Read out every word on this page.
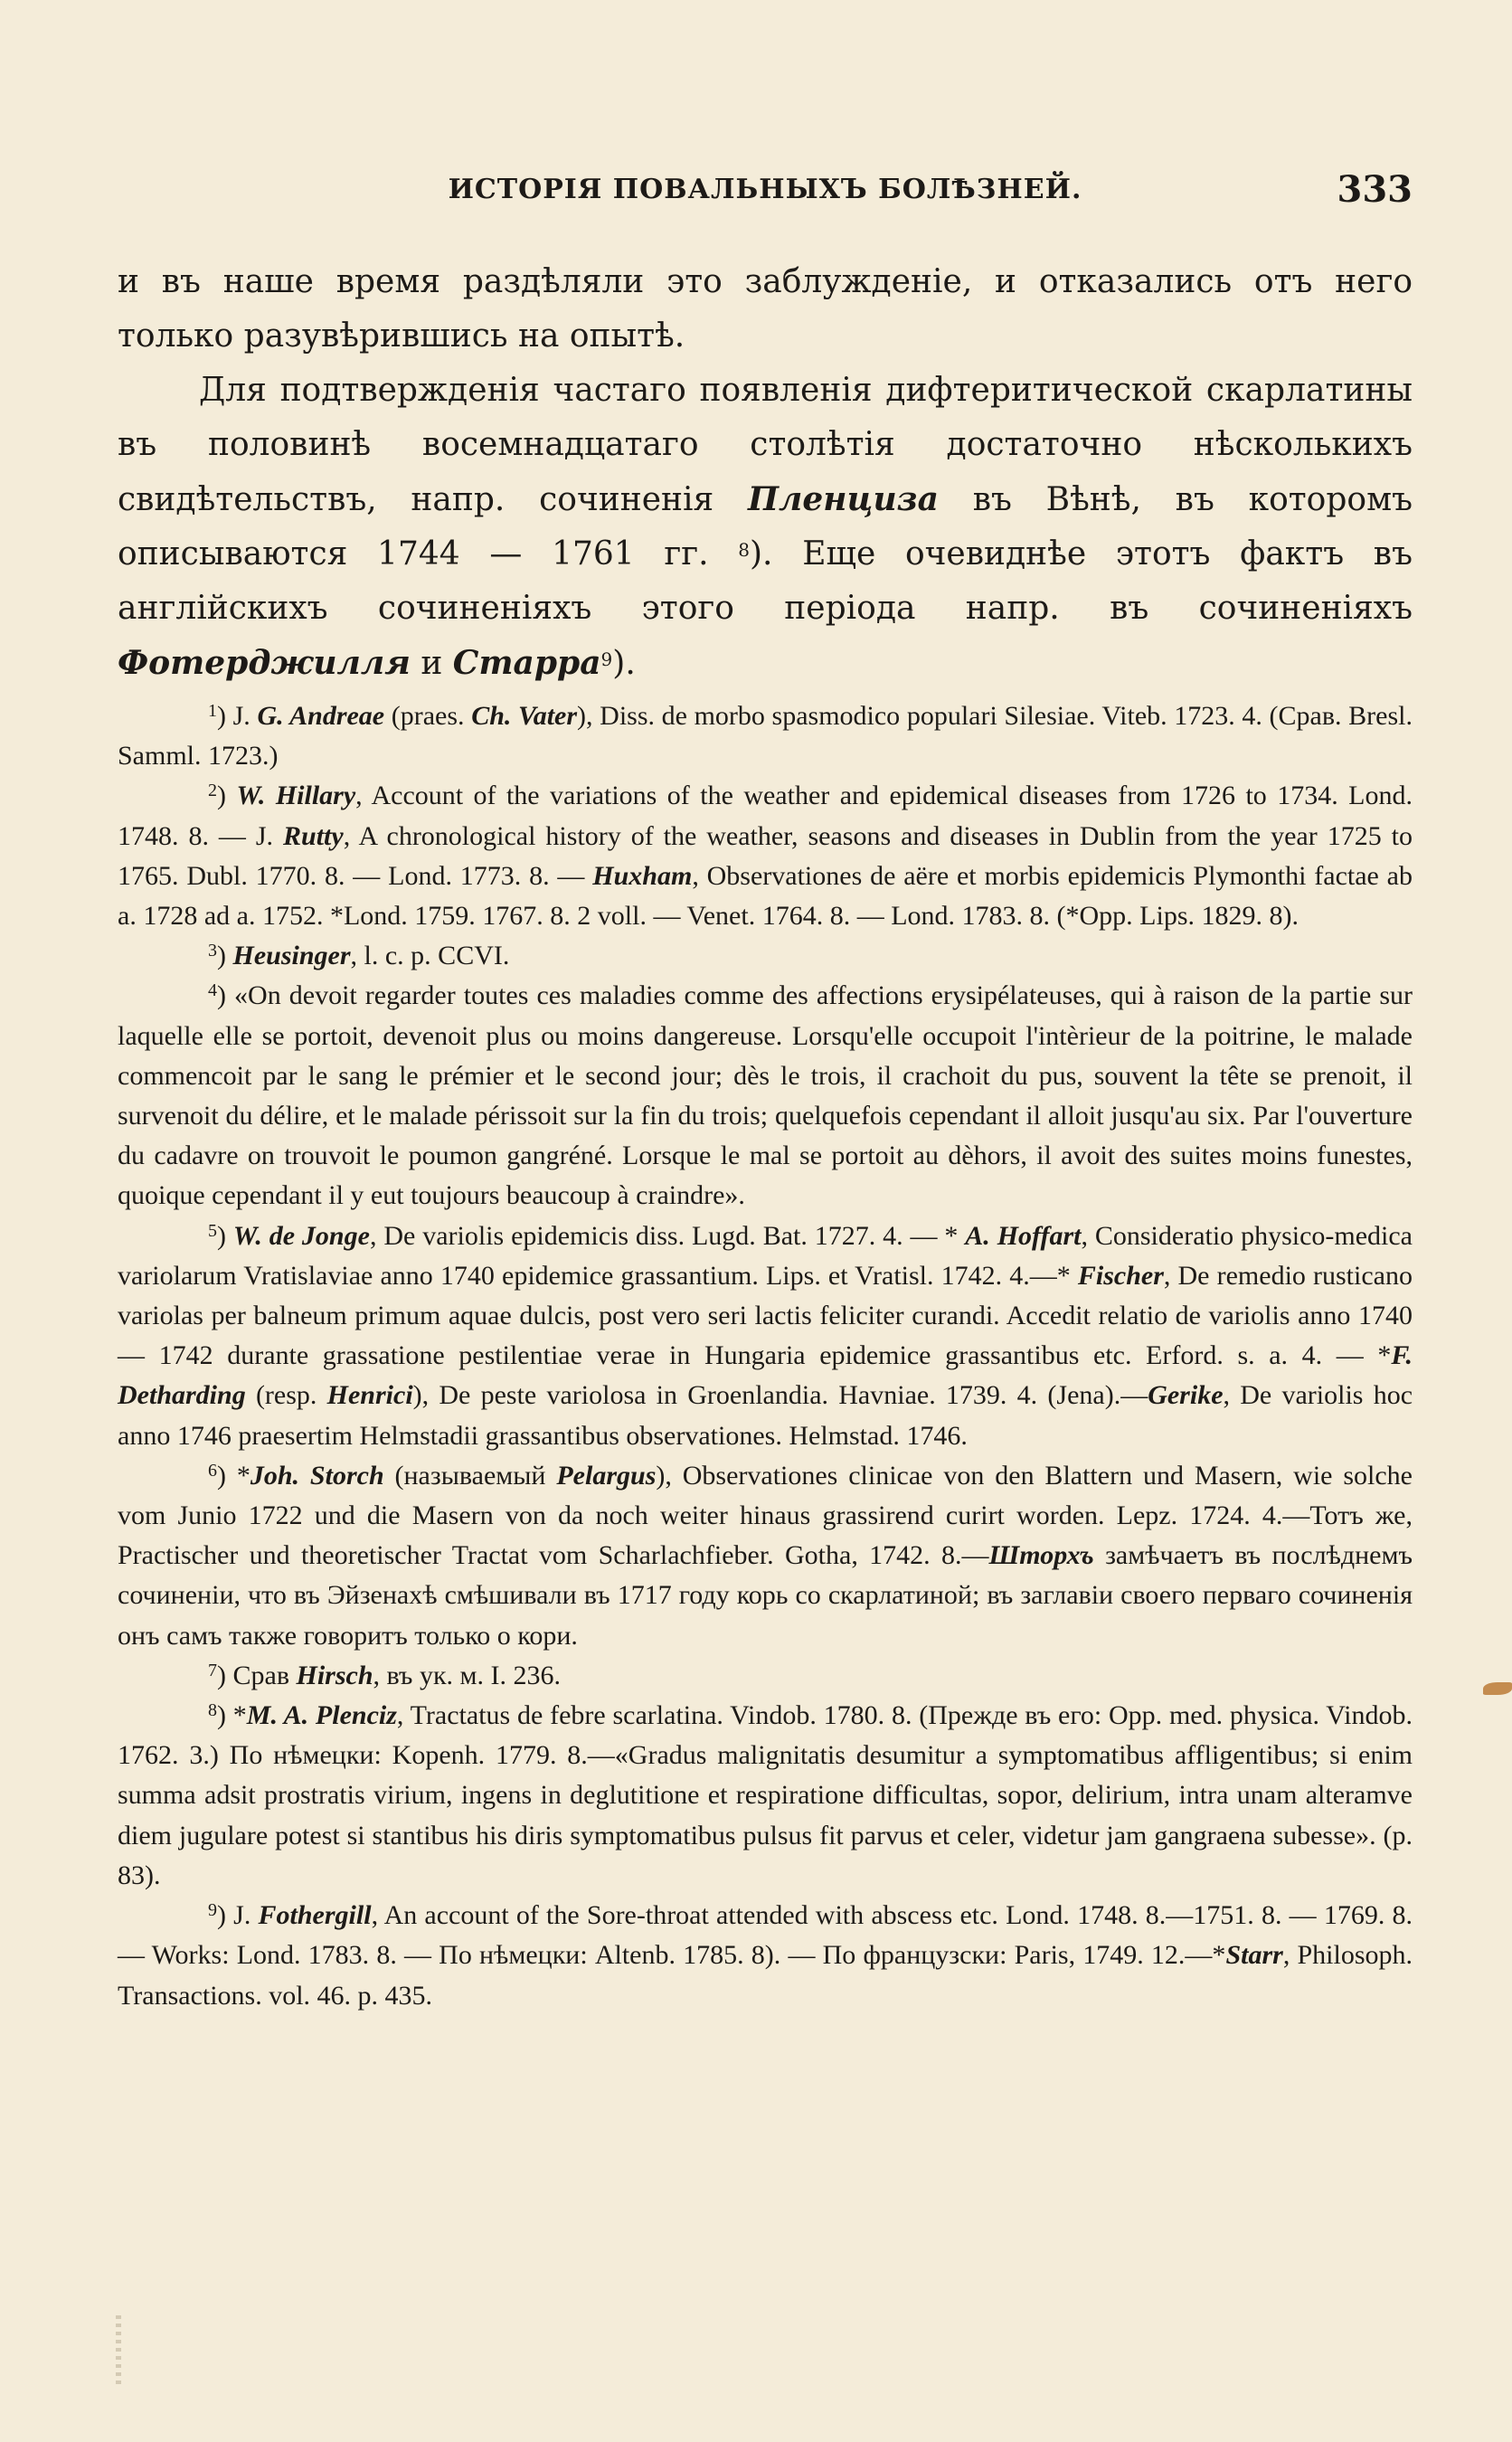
ИСТОРІЯ ПОВАЛЬНЫХЪ БОЛѢЗНЕЙ.	333

и въ наше время раздѣляли это заблужденіе, и отказались отъ него только разувѣрившись на опытѣ.

Для подтвержденія частаго появленія дифтеритической скарлатины въ половинѣ восемнадцатаго столѣтія достаточно нѣсколькихъ свидѣтельствъ, напр. сочиненія Пленциза въ Вѣнѣ, въ которомъ описываются 1744 — 1761 гг. $^8$). Еще очевиднѣе этотъ фактъ въ англійскихъ сочиненіяхъ этого періода напр. въ сочиненіяхъ Фотерджилля и Старра$^9$).

$^1$) J. G. Andreae (praes. Ch. Vater), Diss. de morbo spasmodico populari Silesiae. Viteb. 1723. 4. (Срав. Bresl. Samml. 1723.)

$^2$) W. Hillary, Account of the variations of the weather and epidemical diseases from 1726 to 1734. Lond. 1748. 8. — J. Rutty, A chronological history of the weather, seasons and diseases in Dublin from the year 1725 to 1765. Dubl. 1770. 8. — Lond. 1773. 8. — Huxham, Observationes de aëre et morbis epidemicis Plymonthi factae ab a. 1728 ad a. 1752. *Lond. 1759. 1767. 8. 2 voll. — Venet. 1764. 8. — Lond. 1783. 8. (*Opp. Lips. 1829. 8).

$^3$) Heusinger, l. c. p. CCVI.

$^4$) «On devoit regarder toutes ces maladies comme des affections erysipélateuses, qui à raison de la partie sur laquelle elle se portoit, devenoit plus ou moins dangereuse. Lorsqu'elle occupoit l'intèrieur de la poitrine, le malade commencoit par le sang le prémier et le second jour; dès le trois, il crachoit du pus, souvent la tête se prenoit, il survenoit du délire, et le malade périssoit sur la fin du trois; quelquefois cependant il alloit jusqu'au six. Par l'ouverture du cadavre on trouvoit le poumon gangréné. Lorsque le mal se portoit au dèhors, il avoit des suites moins funestes, quoique cependant il y eut toujours beaucoup à craindre».

$^5$) W. de Jonge, De variolis epidemicis diss. Lugd. Bat. 1727. 4. — * A. Hoffart, Consideratio physico-medica variolarum Vratislaviae anno 1740 epidemice grassantium. Lips. et Vratisl. 1742. 4.—* Fischer, De remedio rusticano variolas per balneum primum aquae dulcis, post vero seri lactis feliciter curandi. Accedit relatio de variolis anno 1740 — 1742 durante grassatione pestilentiae verae in Hungaria epidemice grassantibus etc. Erford. s. a. 4. — *F. Detharding (resp. Henrici), De peste variolosa in Groenlandia. Havniae. 1739. 4. (Jena).—Gerike, De variolis hoc anno 1746 praesertim Helmstadii grassantibus observationes. Helmstad. 1746.

$^6$) *Joh. Storch (называемый Pelargus), Observationes clinicae von den Blattern und Masern, wie solche vom Junio 1722 und die Masern von da noch weiter hinaus grassirend curirt worden. Lepz. 1724. 4.—Тотъ же, Practischer und theoretischer Tractat vom Scharlachfieber. Gotha, 1742. 8.—Шторхъ замѣчаетъ въ послѣднемъ сочиненіи, что въ Эйзенахѣ смѣшивали въ 1717 году корь со скарлатиной; въ заглавіи своего перваго сочиненія онъ самъ также говоритъ только о кори.

$^7$) Срав Hirsch, въ ук. м. I. 236.

$^8$) *M. A. Plenciz, Tractatus de febre scarlatina. Vindob. 1780. 8. (Прежде въ его: Opp. med. physica. Vindob. 1762. 3.) По нѣмецки: Kopenh. 1779. 8.—«Gradus malignitatis desumitur a symptomatibus affligentibus; si enim summa adsit prostratis virium, ingens in deglutitione et respiratione difficultas, sopor, delirium, intra unam alteramve diem jugulare potest si stantibus his diris symptomatibus pulsus fit parvus et celer, videtur jam gangraena subesse». (p. 83).

$^9$) J. Fothergill, An account of the Sore-throat attended with abscess etc. Lond. 1748. 8.—1751. 8. — 1769. 8. — Works: Lond. 1783. 8. — По нѣмецки: Altenb. 1785. 8). — По французски: Paris, 1749. 12.—*Starr, Philosoph. Transactions. vol. 46. p. 435.
